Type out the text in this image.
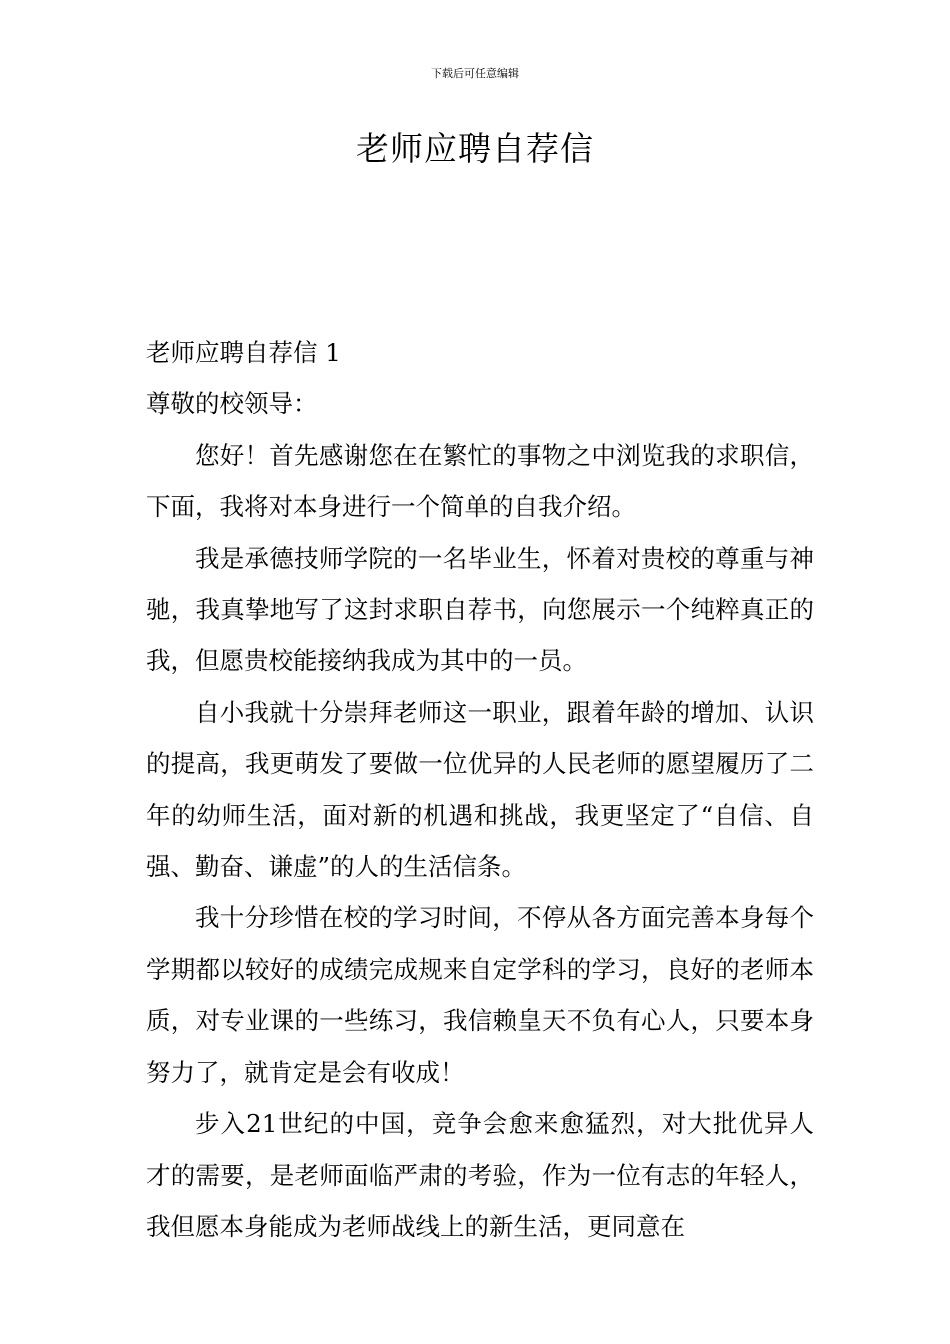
下载后可任意编辑
老师应聘自荐信

老师应聘自荐信 1

尊敬的校领导：

您好！首先感谢您在在繁忙的事物之中浏览我的求职信，下面，我将对本身进行一个简单的自我介绍。

我是承德技师学院的一名毕业生，怀着对贵校的尊重与神驰，我真挚地写了这封求职自荐书，向您展示一个纯粹真正的我，但愿贵校能接纳我成为其中的一员。

自小我就十分崇拜老师这一职业，跟着年龄的增加、认识的提高，我更萌发了要做一位优异的人民老师的愿望履历了二年的幼师生活，面对新的机遇和挑战，我更坚定了“自信、自强、勤奋、谦虚”的人的生活信条。

我十分珍惜在校的学习时间，不停从各方面完善本身每个学期都以较好的成绩完成规来自定学科的学习，良好的老师本质，对专业课的一些练习，我信赖皇天不负有心人，只要本身努力了，就肯定是会有收成！

步入21世纪的中国，竞争会愈来愈猛烈，对大批优异人才的需要，是老师面临严肃的考验，作为一位有志的年轻人，我但愿本身能成为老师战线上的新生活，更同意在
